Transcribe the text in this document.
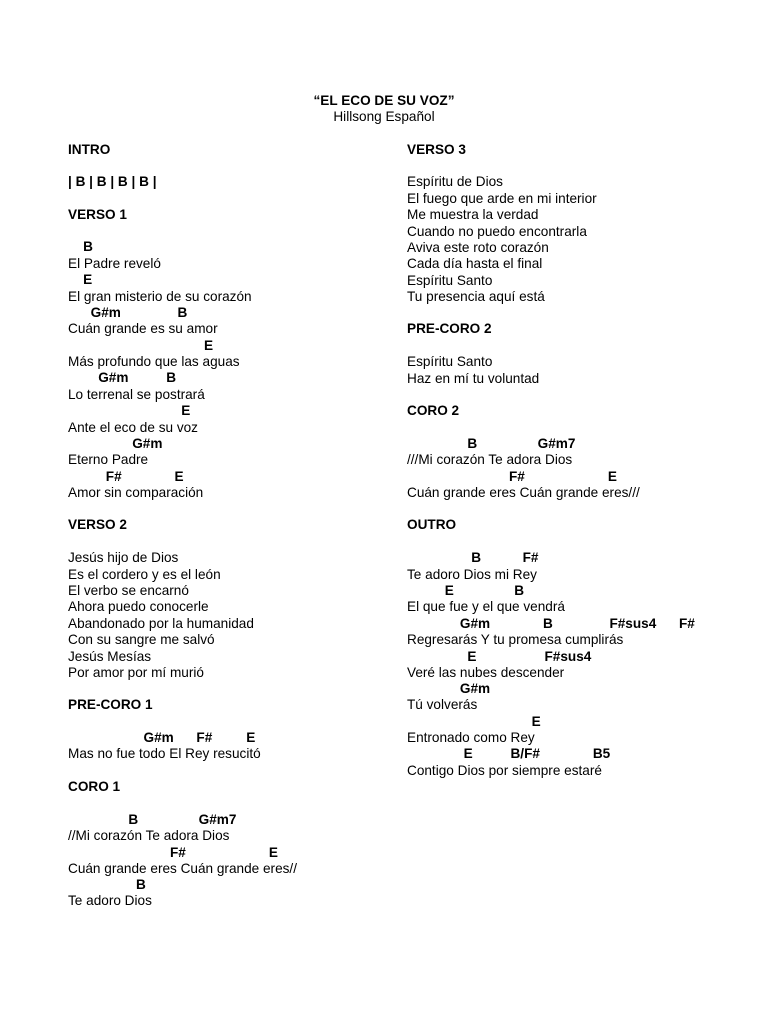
“EL ECO DE SU VOZ”
Hillsong Español
INTRO
| B | B | B | B |
VERSO 1
B
El Padre reveló
E
El gran misterio de su corazón
G#m               B
Cuán grande es su amor
E
Más profundo que las aguas
G#m          B
Lo terrenal se postrará
E
Ante el eco de su voz
G#m
Eterno Padre
F#              E
Amor sin comparación
VERSO 2
Jesús hijo de Dios
Es el cordero y es el león
El verbo se encarnó
Ahora puedo conocerle
Abandonado por la humanidad
Con su sangre me salvó
Jesús Mesías
Por amor por mí murió
PRE-CORO 1
G#m      F#         E
Mas no fue todo El Rey resucitó
CORO 1
B                G#m7
//Mi corazón Te adora Dios
F#                      E
Cuán grande eres Cuán grande eres//
B
Te adoro Dios
VERSO 3
Espíritu de Dios
El fuego que arde en mi interior
Me muestra la verdad
Cuando no puedo encontrarla
Aviva este roto corazón
Cada día hasta el final
Espíritu Santo
Tu presencia aquí está
PRE-CORO 2
Espíritu Santo
Haz en mí tu voluntad
CORO 2
B                G#m7
///Mi corazón Te adora Dios
F#                      E
Cuán grande eres Cuán grande eres///
OUTRO
B           F#
Te adoro Dios mi Rey
E                B
El que fue y el que vendrá
G#m              B               F#sus4      F#
Regresarás Y tu promesa cumplirás
E                  F#sus4
Veré las nubes descender
G#m
Tú volverás
E
Entronado como Rey
E          B/F#              B5
Contigo Dios por siempre estaré
